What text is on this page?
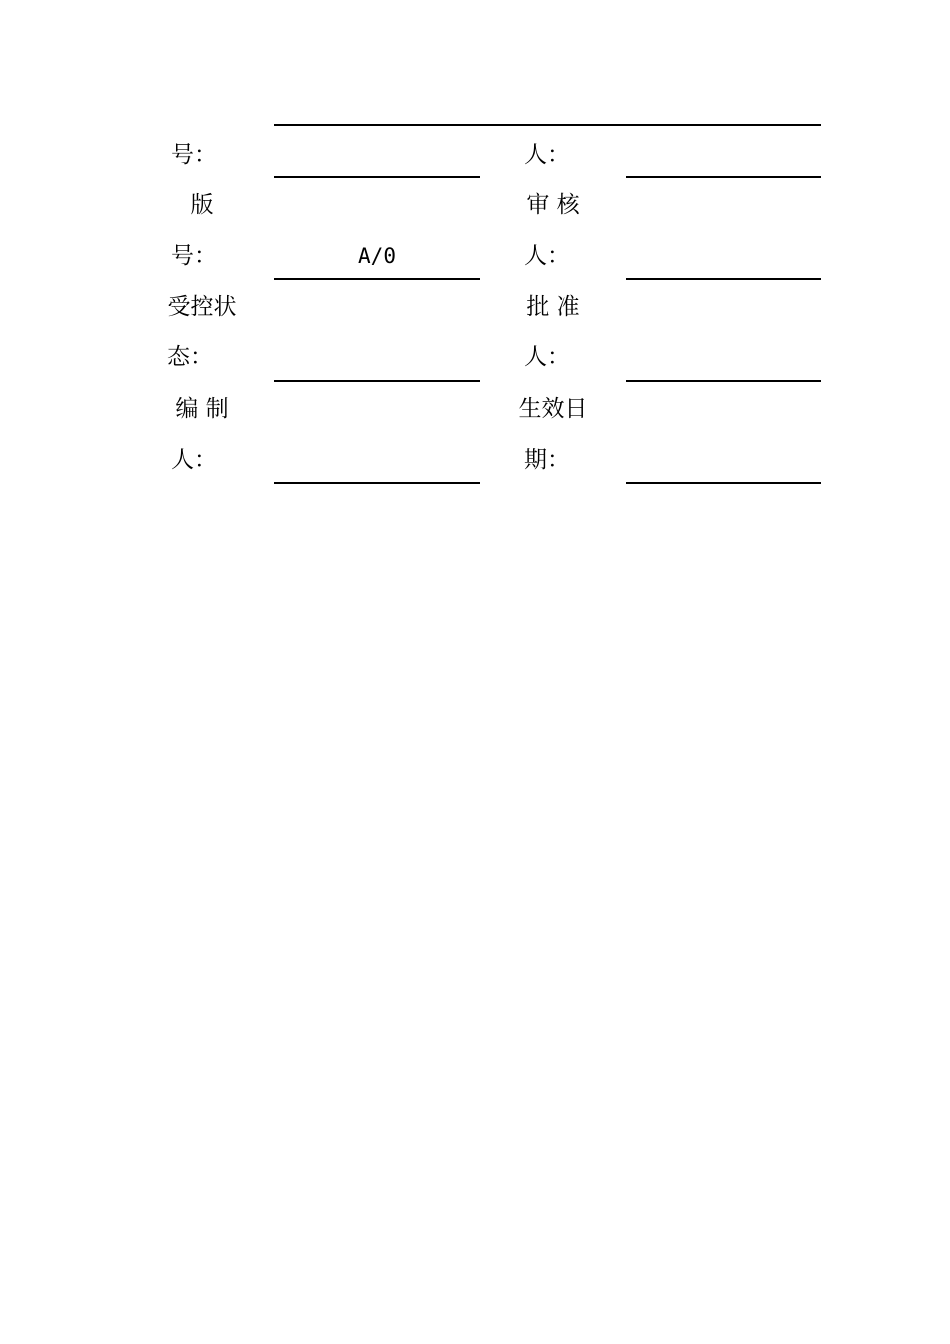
号：	人：
版
号：	A/0
审 核
人：
受控状
态：
批 准
人：
编 制
人：
生效日
期：
